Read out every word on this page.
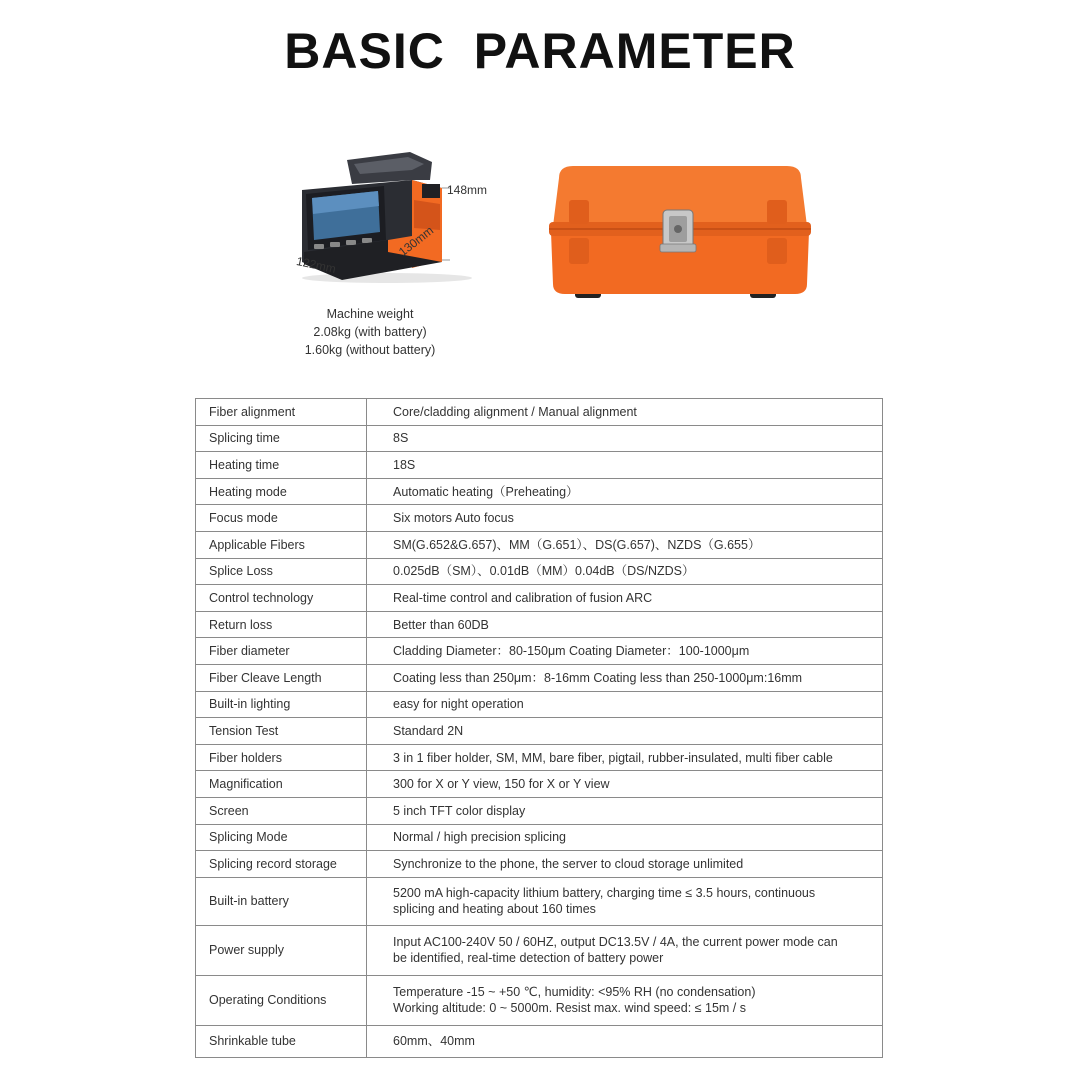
BASIC PARAMETER
148mm
122mm
130mm
Machine weight
2.08kg (with battery)
1.60kg (without battery)
Fiber alignment	Core/cladding alignment / Manual alignment

Splicing time	8S

Heating time	18S

Heating mode	Automatic heating（Preheating）

Focus mode	Six motors Auto focus

Applicable Fibers	SM(G.652&G.657)、MM（G.651）、DS(G.657)、NZDS（G.655）

Splice Loss	0.025dB（SM）、0.01dB（MM）0.04dB（DS/NZDS）

Control technology	Real-time control and calibration of fusion ARC

Return loss	Better than 60DB

Fiber diameter	Cladding Diameter：80-150μm Coating Diameter：100-1000μm

Fiber Cleave Length	Coating less than 250μm：8-16mm Coating less than 250-1000μm:16mm

Built-in lighting	easy for night operation

Tension Test	Standard 2N

Fiber holders	3 in 1 fiber holder, SM, MM, bare fiber, pigtail, rubber-insulated, multi fiber cable

Magnification	300 for X or Y view, 150 for X or Y view

Screen	5 inch TFT color display

Splicing Mode	Normal / high precision splicing

Splicing record storage	Synchronize to the phone, the server to cloud storage unlimited

Built-in battery	5200 mA high-capacity lithium battery, charging time ≤ 3.5 hours, continuous
splicing and heating about 160 times

Power supply	Input AC100-240V 50 / 60HZ, output DC13.5V / 4A, the current power mode can
be identified, real-time detection of battery power

Operating Conditions	Temperature -15 ~ +50 ℃, humidity: <95% RH (no condensation)
Working altitude: 0 ~ 5000m. Resist max. wind speed: ≤ 15m / s

Shrinkable tube	60mm、40mm
